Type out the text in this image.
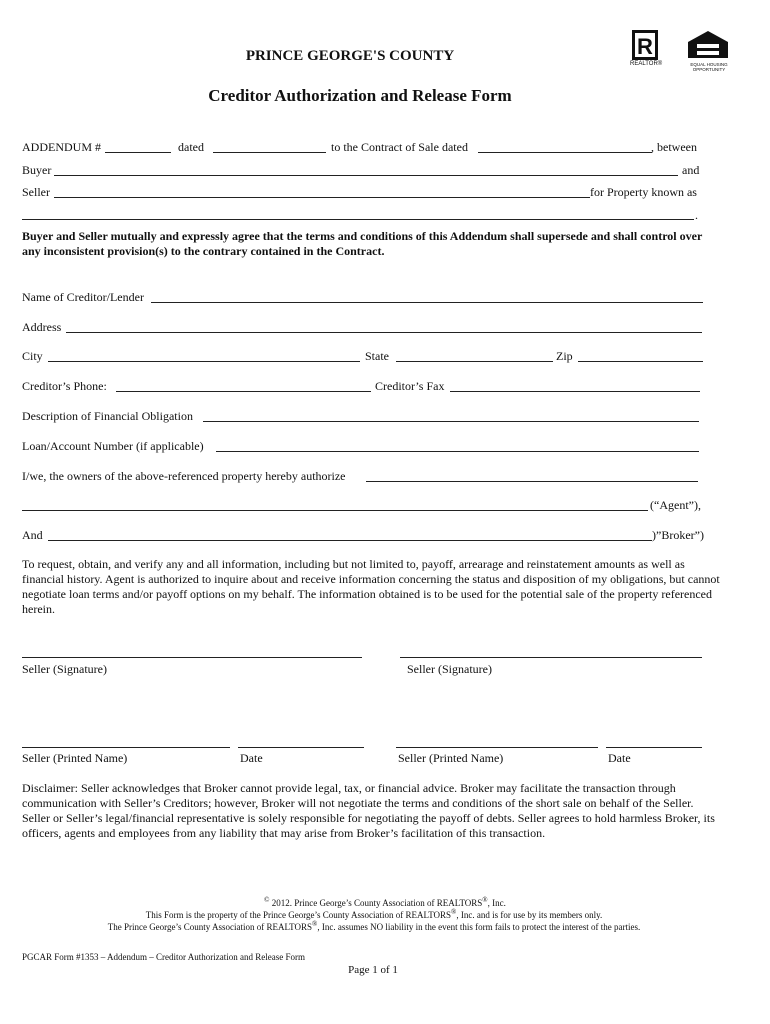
PRINCE GEORGE'S COUNTY
Creditor Authorization and Release Form
R
REALTOR®	EQUAL HOUSING OPPORTUNITY
ADDENDUM #	dated	to the Contract of Sale dated	, between
Buyer	and
Seller	for Property known as
.
Buyer and Seller mutually and expressly agree that the terms and conditions of this Addendum shall supersede and shall control over any inconsistent provision(s) to the contrary contained in the Contract.
Name of Creditor/Lender
Address
City	State	Zip
Creditor’s Phone:	Creditor’s Fax
Description of Financial Obligation
Loan/Account Number (if applicable)
I/we, the owners of the above-referenced property hereby authorize
(“Agent”),
And	)”Broker”)
To request, obtain, and verify any and all information, including but not limited to, payoff, arrearage and reinstatement amounts as well as financial history. Agent is authorized to inquire about and receive information concerning the status and disposition of my obligations, but cannot negotiate loan terms and/or payoff options on my behalf. The information obtained is to be used for the potential sale of the property referenced herein.
Seller (Signature)	Seller (Signature)
Seller (Printed Name)	Date	Seller (Printed Name)	Date
Disclaimer: Seller acknowledges that Broker cannot provide legal, tax, or financial advice. Broker may facilitate the transaction through communication with Seller’s Creditors; however, Broker will not negotiate the terms and conditions of the short sale on behalf of the Seller. Seller or Seller’s legal/financial representative is solely responsible for negotiating the payoff of debts. Seller agrees to hold harmless Broker, its officers, agents and employees from any liability that may arise from Broker’s facilitation of this transaction.
© 2012. Prince George’s County Association of REALTORS®, Inc.
This Form is the property of the Prince George’s County Association of REALTORS®, Inc. and is for use by its members only.
The Prince George’s County Association of REALTORS®, Inc. assumes NO liability in the event this form fails to protect the interest of the parties.
PGCAR Form #1353 – Addendum – Creditor Authorization and Release Form
Page 1 of 1
